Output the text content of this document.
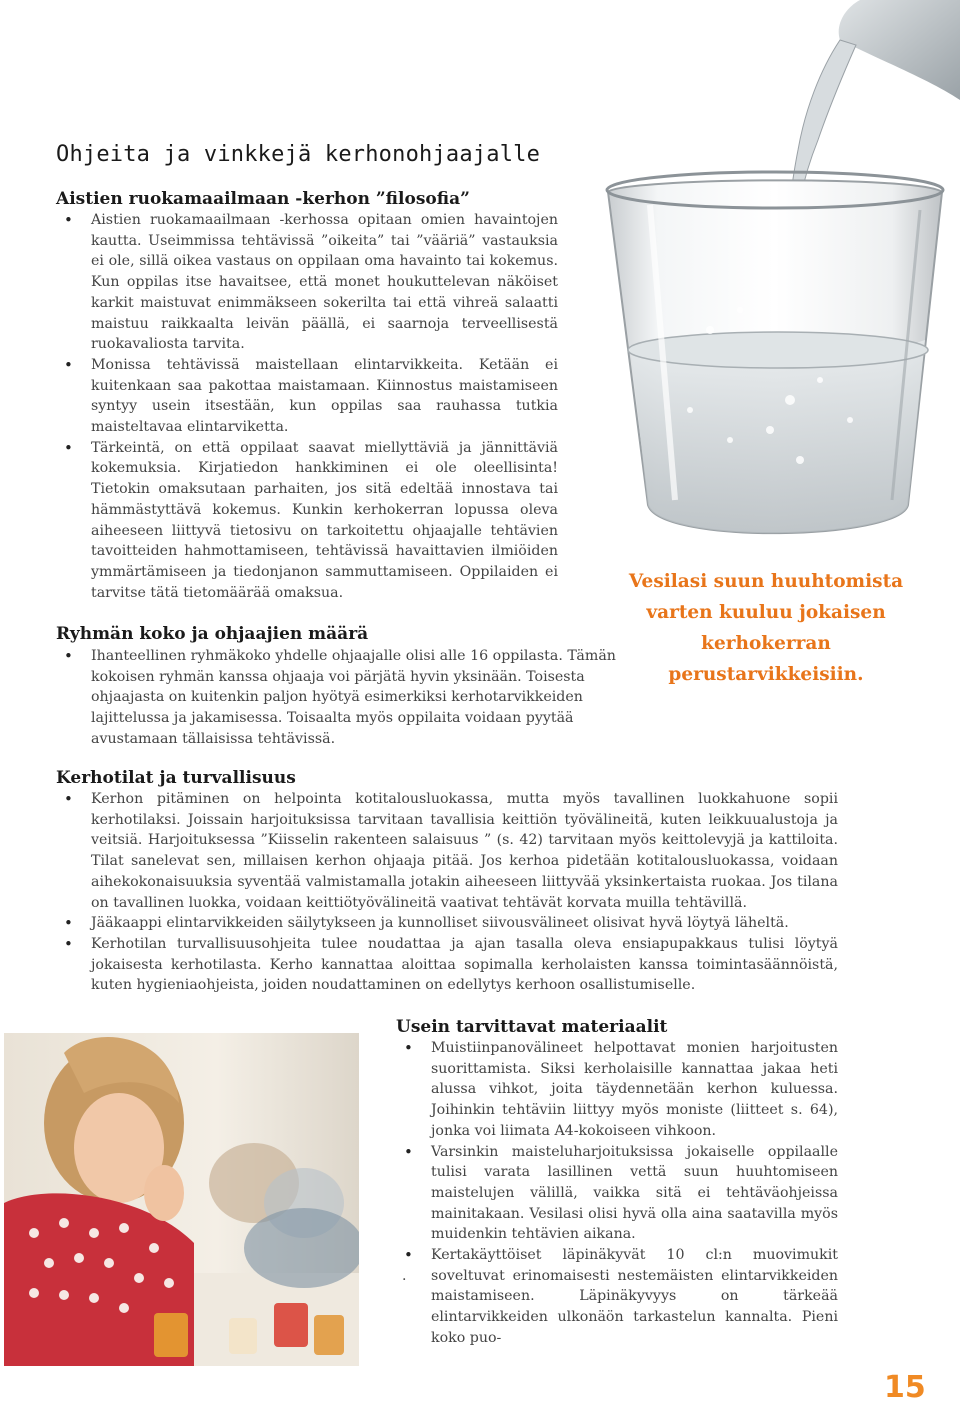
Ohjeita ja vinkkejä kerhonohjaajalle

Aistien ruokamaailmaan -kerhon ”filosofia”

• Aistien ruokamaailmaan -kerhossa opitaan omien havaintojen kautta. Useimmissa tehtävissä ”oikeita” tai ”vääriä” vastauksia ei ole, sillä oikea vastaus on oppilaan oma havainto tai kokemus. Kun oppilas itse havaitsee, että monet houkuttelevan näköiset karkit maistuvat enimmäkseen sokerilta tai että vihreä salaatti maistuu raikkaalta leivän päällä, ei saarnoja terveellisestä ruokavaliosta tarvita.
• Monissa tehtävissä maistellaan elintarvikkeita. Ketään ei kuitenkaan saa pakottaa maistamaan. Kiinnostus maistamiseen syntyy usein itsestään, kun oppilas saa rauhassa tutkia maisteltavaa elintarviketta.
• Tärkeintä, on että oppilaat saavat miellyttäviä ja jännittäviä kokemuksia. Kirjatiedon hankkiminen ei ole oleellisinta! Tietokin omaksutaan parhaiten, jos sitä edeltää innostava tai hämmästyttävä kokemus. Kunkin kerhokerran lopussa oleva aiheeseen liittyvä tietosivu on tarkoitettu ohjaajalle tehtävien tavoitteiden hahmottamiseen, tehtävissä havaittavien ilmiöiden ymmärtämiseen ja tiedonjanon sammuttamiseen. Oppilaiden ei tarvitse tätä tietomäärää omaksua.

Ryhmän koko ja ohjaajien määrä

• Ihanteellinen ryhmäkoko yhdelle ohjaajalle olisi alle 16 oppilasta. Tämän kokoisen ryhmän kanssa ohjaaja voi pärjätä hyvin yksinään. Toisesta ohjaajasta on kuitenkin paljon hyötyä esimerkiksi kerhotarvikkeiden lajittelussa ja jakamisessa. Toisaalta myös oppilaita voidaan pyytää avustamaan tällaisissa tehtävissä.

Kerhotilat ja turvallisuus

• Kerhon pitäminen on helpointa kotitalousluokassa, mutta myös tavallinen luokkahuone sopii kerhotilaksi. Joissain harjoituksissa tarvitaan tavallisia keittiön työvälineitä, kuten leikkuualustoja ja veitsiä. Harjoituksessa ”Kiisselin rakenteen salaisuus ” (s. 42) tarvitaan myös keittolevyjä ja kattiloita. Tilat sanelevat sen, millaisen kerhon ohjaaja pitää. Jos kerhoa pidetään kotitalousluokassa, voidaan aihekokonaisuuksia syventää valmistamalla jotakin aiheeseen liittyvää yksinkertaista ruokaa. Jos tilana on tavallinen luokka, voidaan keittiötyövälineitä vaativat tehtävät korvata muilla tehtävillä.
• Jääkaappi elintarvikkeiden säilytykseen ja kunnolliset siivousvälineet olisivat hyvä löytyä läheltä.
• Kerhotilan turvallisuusohjeita tulee noudattaa ja ajan tasalla oleva ensiapupakkaus tulisi löytyä jokaisesta kerhotilasta. Kerho kannattaa aloittaa sopimalla kerholaisten kanssa toimintasäännöistä, kuten hygieniaohjeista, joiden noudattaminen on edellytys kerhoon osallistumiselle.

Usein tarvittavat materiaalit

• Muistiinpanovälineet helpottavat monien harjoitusten suorittamista. Siksi kerholaisille kannattaa jakaa heti alussa vihkot, joita täydennetään kerhon kuluessa. Joihinkin tehtäviin liittyy myös moniste (liitteet s. 64), jonka voi liimata A4-kokoiseen vihkoon.
• Varsinkin maisteluharjoituksissa jokaiselle oppilaalle tulisi varata lasillinen vettä suun huuhtomiseen maistelujen välillä, vaikka sitä ei tehtäväohjeissa mainitakaan. Vesilasi olisi hyvä olla aina saatavilla myös muidenkin tehtävien aikana.
• Kertakäyttöiset läpinäkyvät 10 cl:n muovimukit soveltuvat erinomaisesti nestemäisten elintarvikkeiden maistamiseen. Läpinäkyvyys on tärkeää elintarvikkeiden ulkonäön tarkastelun kannalta. Pieni koko puo-
.
Vesilasi suun huuhtomista varten kuuluu jokaisen kerhokerran perustarvikkeisiin.
15
